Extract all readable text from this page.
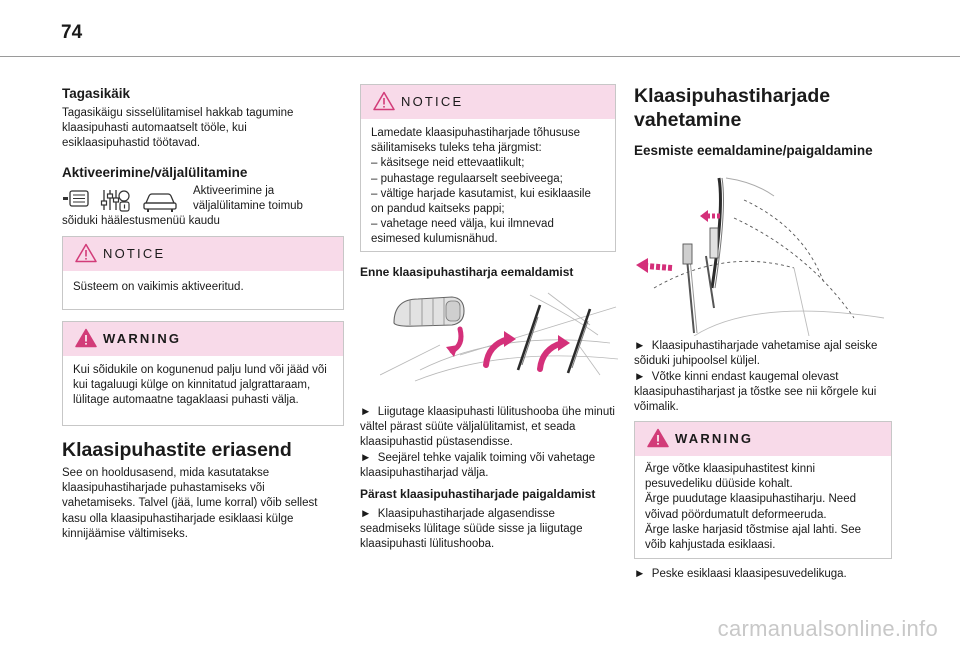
74
Tagasikäik

Tagasikäigu sisselülitamisel hakkab tagumine klaasipuhasti automaatselt tööle, kui esiklaasipuhastid töötavad.

Aktiveerimine/väljalülitamine

Aktiveerimine ja väljalülitamine toimub

sõiduki häälestusmenüü kaudu

NOTICE

Süsteem on vaikimis aktiveeritud.

WARNING

Kui sõidukile on kogunenud palju lund või jääd või kui tagaluugi külge on kinnitatud jalgrattaraam, lülitage automaatne tagaklaasi puhasti välja.

Klaasipuhastite eriasend

See on hooldusasend, mida kasutatakse klaasipuhastiharjade puhastamiseks või vahetamiseks. Talvel (jää, lume korral) võib sellest kasu olla klaasipuhastiharjade esiklaasi külge kinnijäämise vältimiseks.

NOTICE

Lamedate klaasipuhastiharjade tõhususe säilitamiseks tuleks teha järgmist:
– käsitsege neid ettevaatlikult;
– puhastage regulaarselt seebiveega;
– vältige harjade kasutamist, kui esiklaasile on pandud kaitseks pappi;
– vahetage need välja, kui ilmnevad esimesed kulumisnähud.

Enne klaasipuhastiharja eemaldamist

►  Liigutage klaasipuhasti lülitushooba ühe minuti vältel pärast süüte väljalülitamist, et seada klaasipuhastid püstasendisse.

►  Seejärel tehke vajalik toiming või vahetage klaasipuhastiharjad välja.

Pärast klaasipuhastiharjade paigaldamist

►  Klaasipuhastiharjade algasendisse seadmiseks lülitage süüde sisse ja liigutage klaasipuhasti lülitushooba.

Klaasipuhastiharjade vahetamine
Eesmiste eemaldamine/paigaldamine

►  Klaasipuhastiharjade vahetamise ajal seiske sõiduki juhipoolsel küljel.

►  Võtke kinni endast kaugemal olevast klaasipuhastiharjast ja tõstke see nii kõrgele kui võimalik.

WARNING

Ärge võtke klaasipuhastitest kinni pesuvedeliku düüside kohalt.
Ärge puudutage klaasipuhastiharju. Need võivad pöördumatult deformeeruda.
Ärge laske harjasid tõstmise ajal lahti. See võib kahjustada esiklaasi.

►  Peske esiklaasi klaasipesuvedelikuga.

carmanualsonline.info
